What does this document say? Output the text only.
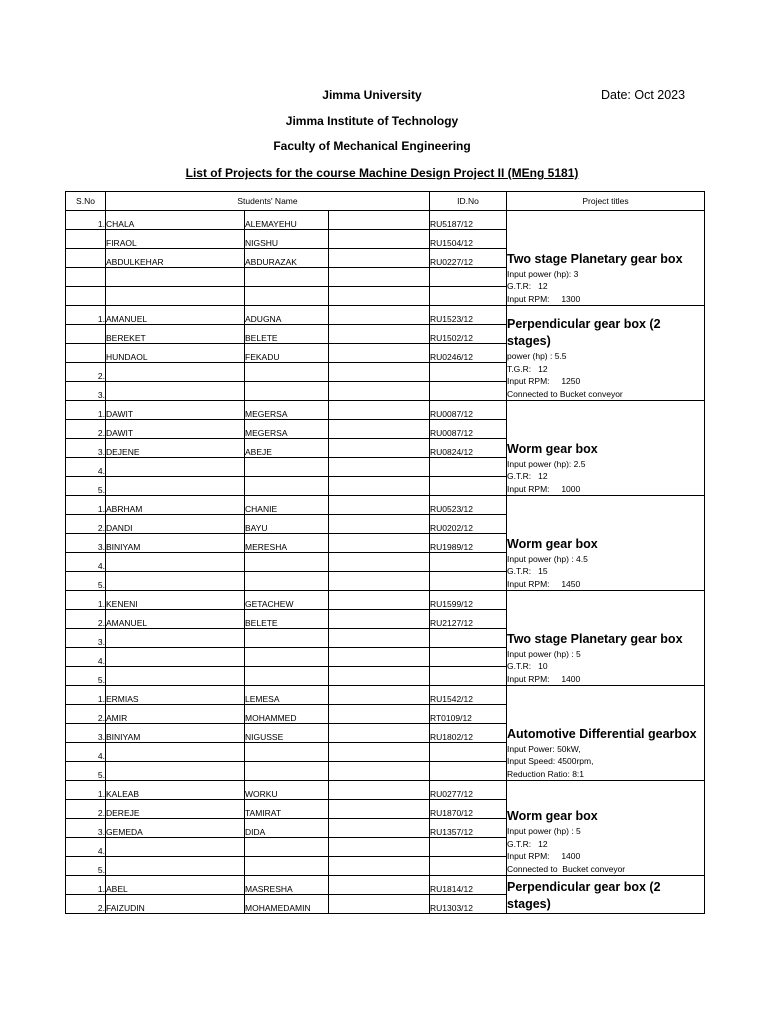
Jimma University	Date: Oct 2023
Jimma Institute of Technology
Faculty of Mechanical Engineering
List of Projects for the course Machine Design Project II (MEng 5181)
S.No	Students' Name			ID.No	Project titles
1.	CHALA	ALEMAYEHU		RU5187/12	Two stage Planetary gear box
Input power (hp): 3
G.T.R:   12
Input RPM:     1300

	FIRAOL	NIGSHU		RU1504/12	
	ABDULKEHAR	ABDURAZAK		RU0227/12	

1.	AMANUEL	ADUGNA		RU1523/12	Perpendicular gear box (2 stages)
power (hp) : 5.5
T.G.R:   12
Input RPM:     1250
Connected to Bucket conveyor

	BEREKET	BELETE		RU1502/12	
	HUNDAOL	FEKADU		RU0246/12	
2.					
3.					
1.	DAWIT	MEGERSA		RU0087/12	Worm gear box
Input power (hp): 2.5
G.T.R:   12
Input RPM:     1000

2.	DAWIT	MEGERSA		RU0087/12	
3.	DEJENE	ABEJE		RU0824/12	
4.					
5.					
1.	ABRHAM	CHANIE		RU0523/12	Worm gear box
Input power (hp) : 4.5
G.T.R:   15
Input RPM:     1450

2.	DANDI	BAYU		RU0202/12	
3.	BINIYAM	MERESHA		RU1989/12	
4.					
5.					
1.	KENENI	GETACHEW		RU1599/12	Two stage Planetary gear box
Input power (hp) : 5
G.T.R:   10
Input RPM:     1400

2.	AMANUEL	BELETE		RU2127/12	
3.					
4.					
5.					
1.	ERMIAS	LEMESA		RU1542/12	Automotive Differential gearbox
Input Power: 50kW,
Input Speed: 4500rpm,
Reduction Ratio: 8:1

2.	AMIR	MOHAMMED		RT0109/12	
3.	BINIYAM	NIGUSSE		RU1802/12	
4.					
5.					
1.	KALEAB	WORKU		RU0277/12	Worm gear box
Input power (hp) : 5
G.T.R:   12
Input RPM:     1400
Connected to  Bucket conveyor

2.	DEREJE	TAMIRAT		RU1870/12	
3.	GEMEDA	DIDA		RU1357/12	
4.					
5.					
1.	ABEL	MASRESHA		RU1814/12	Perpendicular gear box (2 stages)

2.	FAIZUDIN	MOHAMEDAMIN		RU1303/12	
